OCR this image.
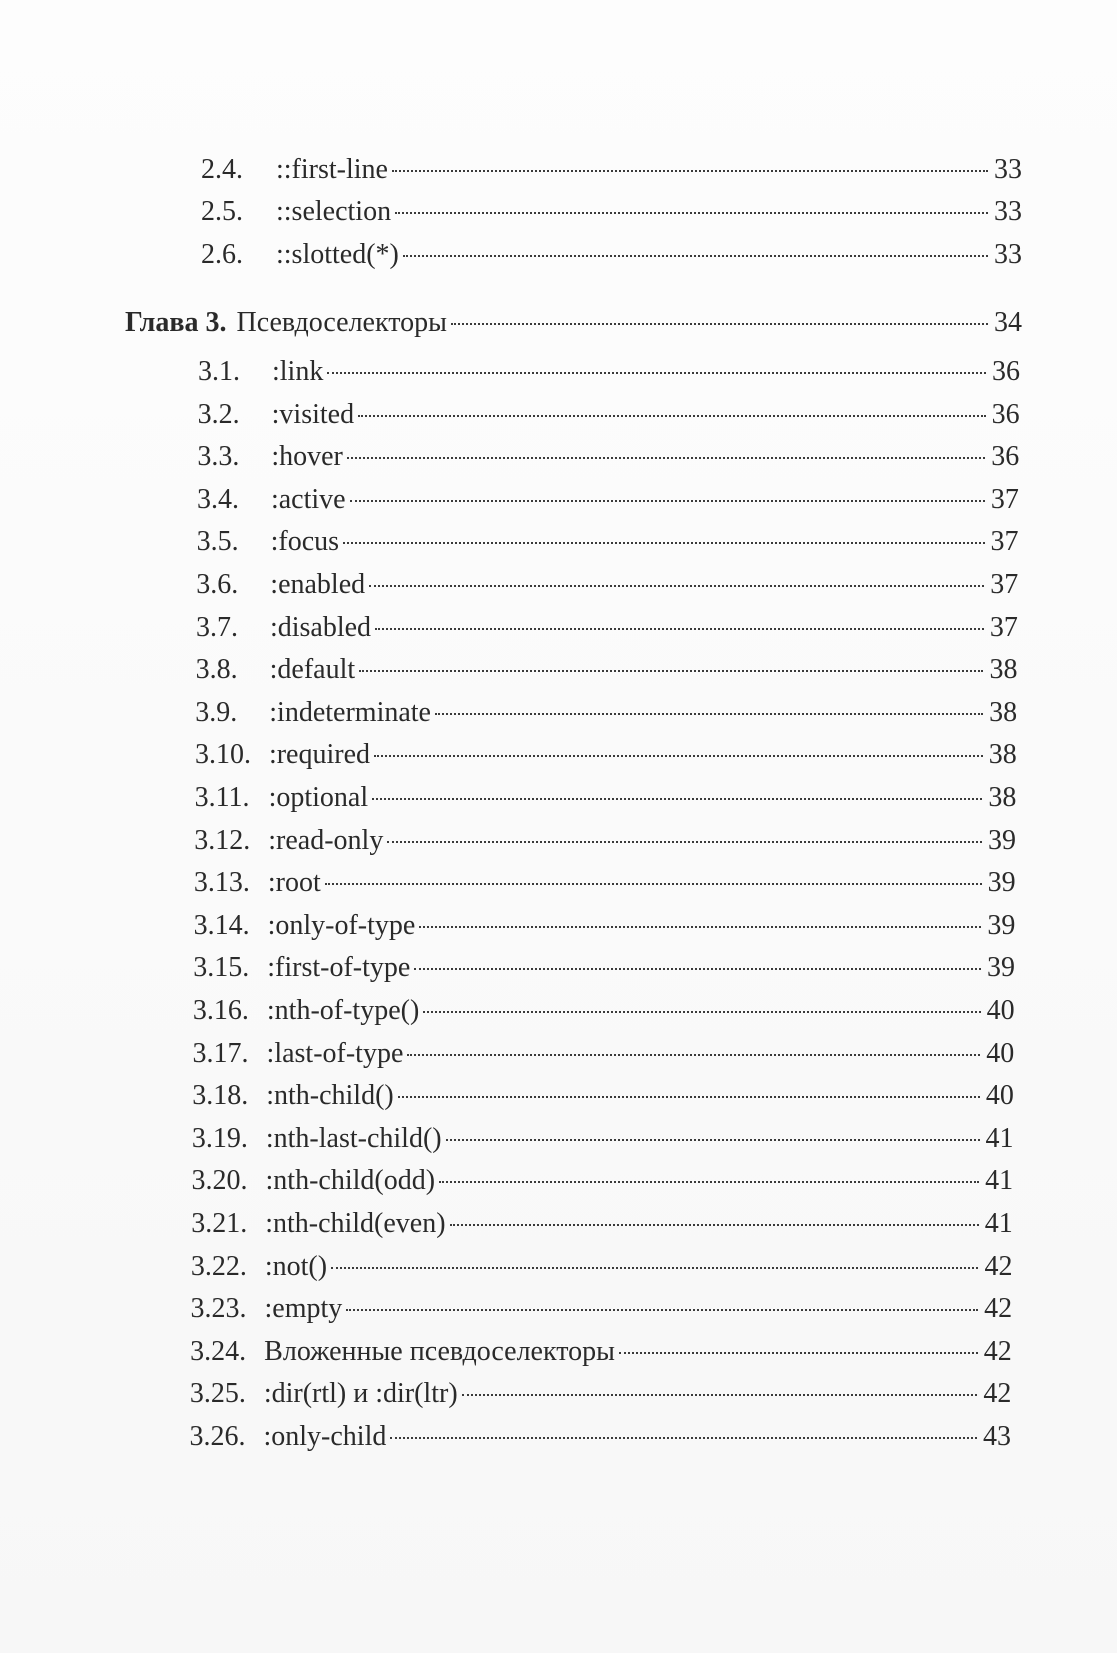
2.4.	::first-line	33
2.5.	::selection	33
2.6.	::slotted(*)	33
Глава 3. Псевдоселекторы	34
3.1.	:link	36
3.2.	:visited	36
3.3.	:hover	36
3.4.	:active	37
3.5.	:focus	37
3.6.	:enabled	37
3.7.	:disabled	37
3.8.	:default	38
3.9.	:indeterminate	38
3.10. :required	38
3.11. :optional	38
3.12. :read-only	39
3.13. :root	39
3.14. :only-of-type	39
3.15. :first-of-type	39
3.16. :nth-of-type()	40
3.17. :last-of-type	40
3.18. :nth-child()	40
3.19. :nth-last-child()	41
3.20. :nth-child(odd)	41
3.21. :nth-child(even)	41
3.22. :not()	42
3.23. :empty	42
3.24. Вложенные псевдоселекторы	42
3.25. :dir(rtl) и :dir(ltr)	42
3.26. :only-child	43
